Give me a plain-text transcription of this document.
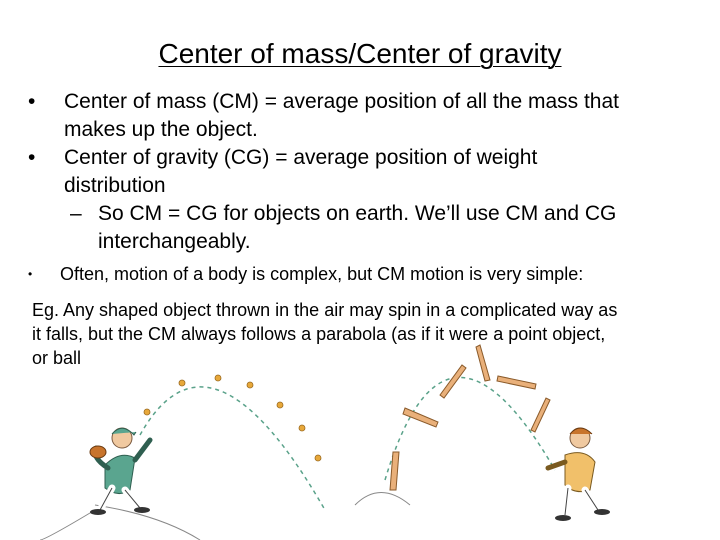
Center of mass/Center of gravity

• Center of mass (CM) = average position of all the mass that
makes up the object.

• Center of gravity (CG) = average position of weight
distribution

– So CM = CG for objects on earth. We’ll use CM and CG
interchangeably.

• Often, motion of a body is complex, but CM motion is very simple:

Eg. Any shaped object thrown in the air may spin in a complicated way as

it falls, but the CM always follows a parabola (as if it were a point object,

or ball
